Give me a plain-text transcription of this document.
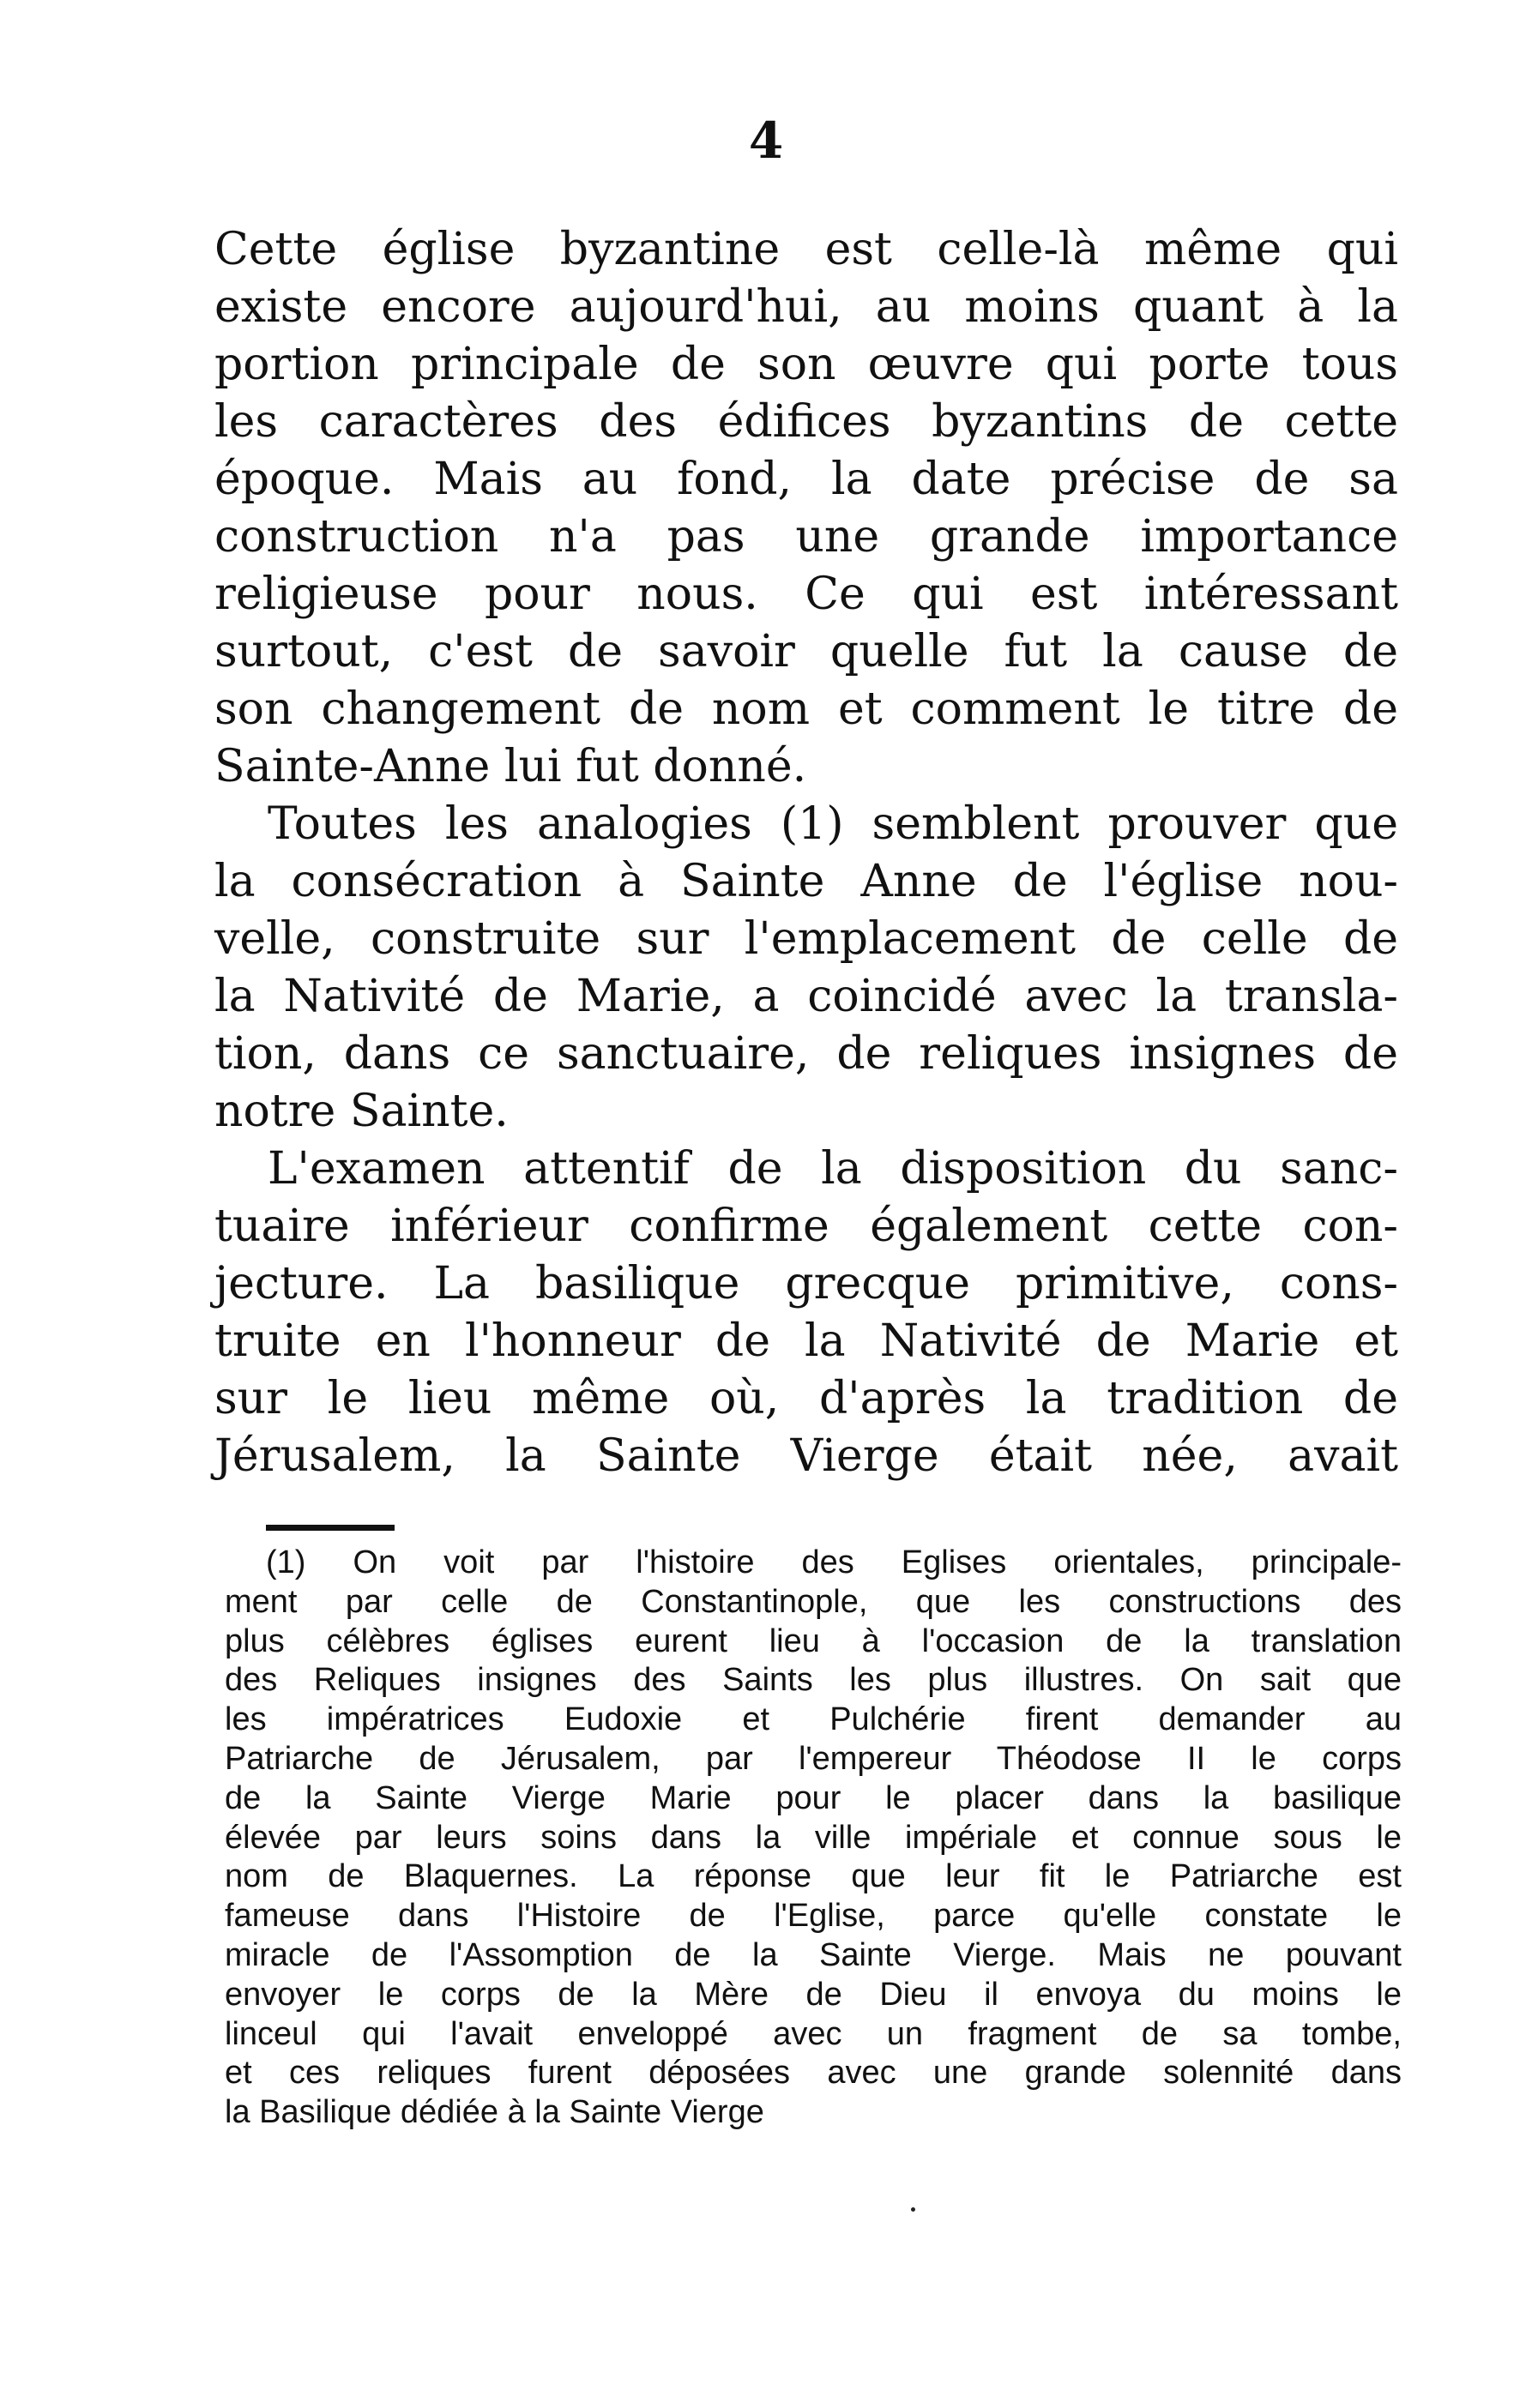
4
Cette église byzantine est celle-là même qui
existe encore aujourd'hui, au moins quant à la
portion principale de son œuvre qui porte tous
les caractères des édifices byzantins de cette
époque. Mais au fond, la date précise de sa
construction n'a pas une grande importance
religieuse pour nous. Ce qui est intéressant
surtout, c'est de savoir quelle fut la cause de
son changement de nom et comment le titre de
Sainte-Anne lui fut donné.
Toutes les analogies (1) semblent prouver que
la consécration à Sainte Anne de l'église nou-
velle, construite sur l'emplacement de celle de
la Nativité de Marie, a coincidé avec la transla-
tion, dans ce sanctuaire, de reliques insignes de
notre Sainte.
L'examen attentif de la disposition du sanc-
tuaire inférieur confirme également cette con-
jecture. La basilique grecque primitive, cons-
truite en l'honneur de la Nativité de Marie et
sur le lieu même où, d'après la tradition de
Jérusalem, la Sainte Vierge était née, avait
(1) On voit par l'histoire des Eglises orientales, principale-
ment par celle de Constantinople, que les constructions des
plus célèbres églises eurent lieu à l'occasion de la translation
des Reliques insignes des Saints les plus illustres. On sait que
les impératrices Eudoxie et Pulchérie firent demander au
Patriarche de Jérusalem, par l'empereur Théodose II le corps
de la Sainte Vierge Marie pour le placer dans la basilique
élevée par leurs soins dans la ville impériale et connue sous le
nom de Blaquernes. La réponse que leur fit le Patriarche est
fameuse dans l'Histoire de l'Eglise, parce qu'elle constate le
miracle de l'Assomption de la Sainte Vierge. Mais ne pouvant
envoyer le corps de la Mère de Dieu il envoya du moins le
linceul qui l'avait enveloppé avec un fragment de sa tombe,
et ces reliques furent déposées avec une grande solennité dans
la Basilique dédiée à la Sainte Vierge
